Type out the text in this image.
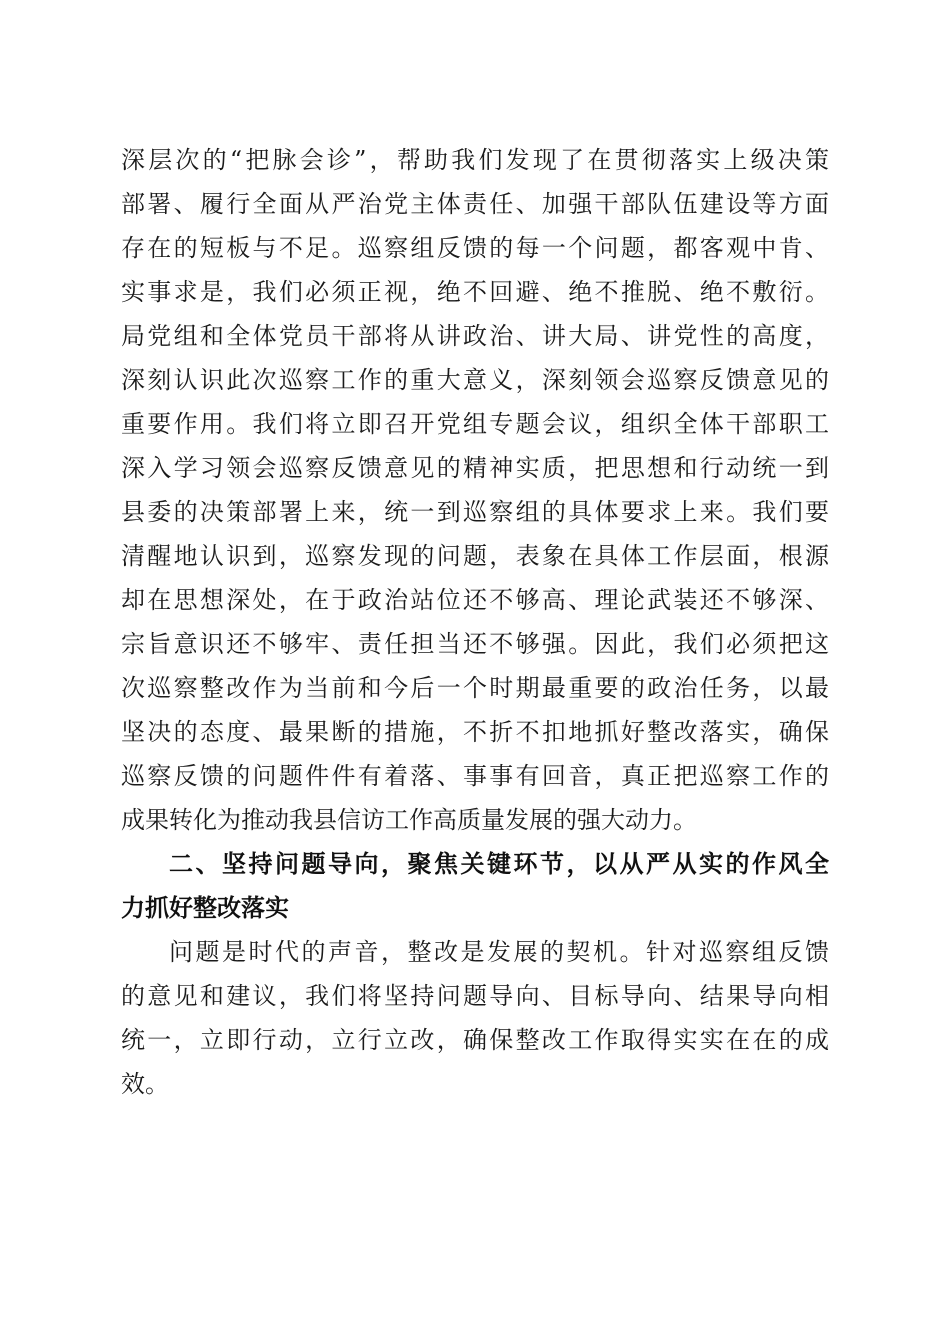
深层次的“把脉会诊”，帮助我们发现了在贯彻落实上级决策
部署、履行全面从严治党主体责任、加强干部队伍建设等方面
存在的短板与不足。巡察组反馈的每一个问题，都客观中肯、
实事求是，我们必须正视，绝不回避、绝不推脱、绝不敷衍。
局党组和全体党员干部将从讲政治、讲大局、讲党性的高度，
深刻认识此次巡察工作的重大意义，深刻领会巡察反馈意见的
重要作用。我们将立即召开党组专题会议，组织全体干部职工
深入学习领会巡察反馈意见的精神实质，把思想和行动统一到
县委的决策部署上来，统一到巡察组的具体要求上来。我们要
清醒地认识到，巡察发现的问题，表象在具体工作层面，根源
却在思想深处，在于政治站位还不够高、理论武装还不够深、
宗旨意识还不够牢、责任担当还不够强。因此，我们必须把这
次巡察整改作为当前和今后一个时期最重要的政治任务，以最
坚决的态度、最果断的措施，不折不扣地抓好整改落实，确保
巡察反馈的问题件件有着落、事事有回音，真正把巡察工作的
成果转化为推动我县信访工作高质量发展的强大动力。
二、坚持问题导向，聚焦关键环节，以从严从实的作风全
力抓好整改落实
问题是时代的声音，整改是发展的契机。针对巡察组反馈
的意见和建议，我们将坚持问题导向、目标导向、结果导向相
统一，立即行动，立行立改，确保整改工作取得实实在在的成
效。
